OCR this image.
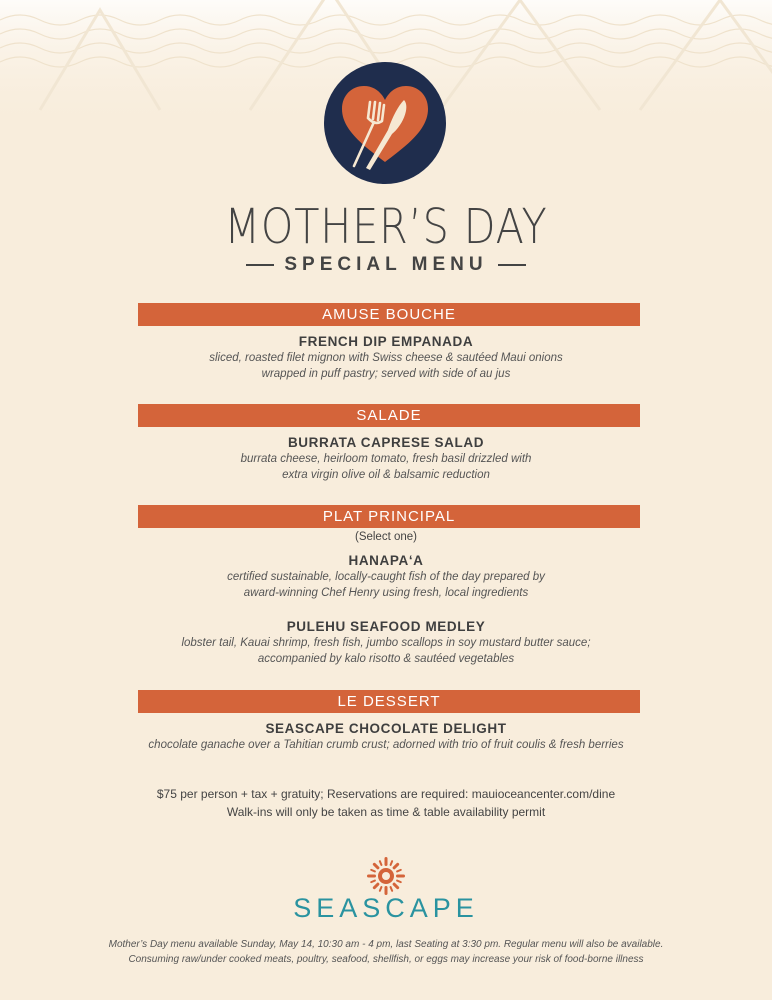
MOTHER’S DAY
SPECIAL MENU
AMUSE BOUCHE
FRENCH DIP EMPANADA
sliced, roasted filet mignon with Swiss cheese & sautéed Maui onions
wrapped in puff pastry; served with side of au jus
SALADE
BURRATA CAPRESE SALAD
burrata cheese, heirloom tomato, fresh basil drizzled with
extra virgin olive oil & balsamic reduction
PLAT PRINCIPAL
(Select one)
HANAPA‘A
certified sustainable, locally-caught fish of the day prepared by
award-winning Chef Henry using fresh, local ingredients
PULEHU SEAFOOD MEDLEY
lobster tail, Kauai shrimp, fresh fish, jumbo scallops in soy mustard butter sauce;
accompanied by kalo risotto & sautéed vegetables
LE DESSERT
SEASCAPE CHOCOLATE DELIGHT
chocolate ganache over a Tahitian crumb crust; adorned with trio of fruit coulis & fresh berries
$75 per person + tax + gratuity; Reservations are required: mauioceancenter.com/dine
Walk-ins will only be taken as time & table availability permit
SEASCAPE
Mother’s Day menu available Sunday, May 14, 10:30 am - 4 pm, last Seating at 3:30 pm. Regular menu will also be available.
Consuming raw/under cooked meats, poultry, seafood, shellfish, or eggs may increase your risk of food-borne illness
